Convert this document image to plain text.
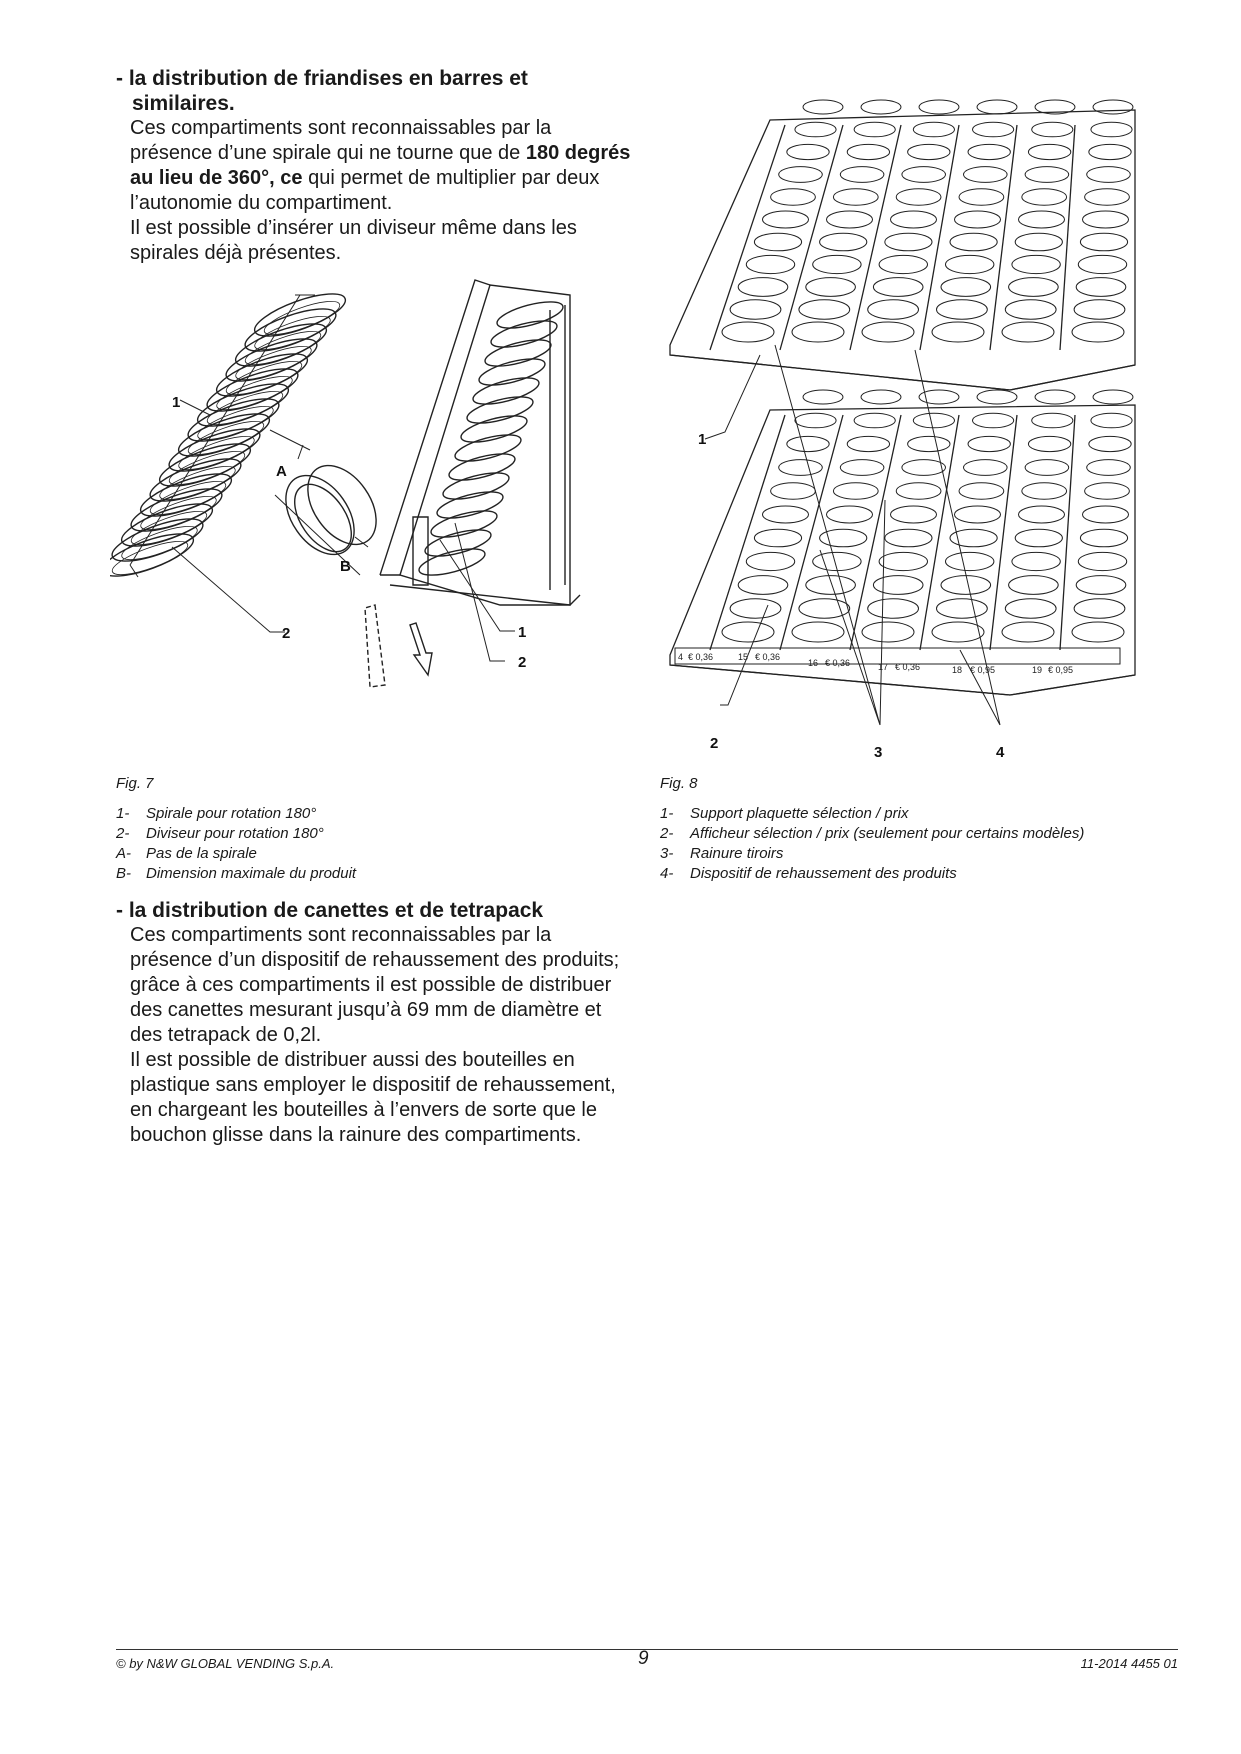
- la distribution de friandises en barres et similaires.

Ces compartiments sont reconnaissables par la présence d’une spirale qui ne tourne que de 180 degrés au lieu de 360°, ce qui permet de multiplier par deux l’autonomie du compartiment.

Il est possible d’insérer un diviseur même dans les spirales déjà présentes.

1
2
A
B
1
2
Fig. 7
1- Spirale pour rotation 180°
2- Diviseur pour rotation 180°
A- Pas de la spirale
B- Dimension maximale du produit

- la distribution de canettes et de tetrapack

Ces compartiments sont reconnaissables par la présence d’un dispositif de rehaussement des produits; grâce à ces compartiments il est possible de distribuer des canettes mesurant jusqu’à 69 mm de diamètre et des tetrapack de 0,2l.

Il est possible de distribuer aussi des bouteilles en plastique sans employer le dispositif de rehaussement, en chargeant les bouteilles à l’envers de sorte que le bouchon glisse dans la rainure des compartiments.

4 € 0,36	15 € 0,36
16 € 0,36	17 € 0,36	18 € 0,95	19 € 0,95
1
2
3	4
Fig. 8
1- Support plaquette sélection / prix
2- Afficheur sélection / prix (seulement pour certains modèles)
3- Rainure tiroirs
4- Dispositif de rehaussement des produits
© by N&W GLOBAL VENDING S.p.A.	9	11-2014 4455 01
